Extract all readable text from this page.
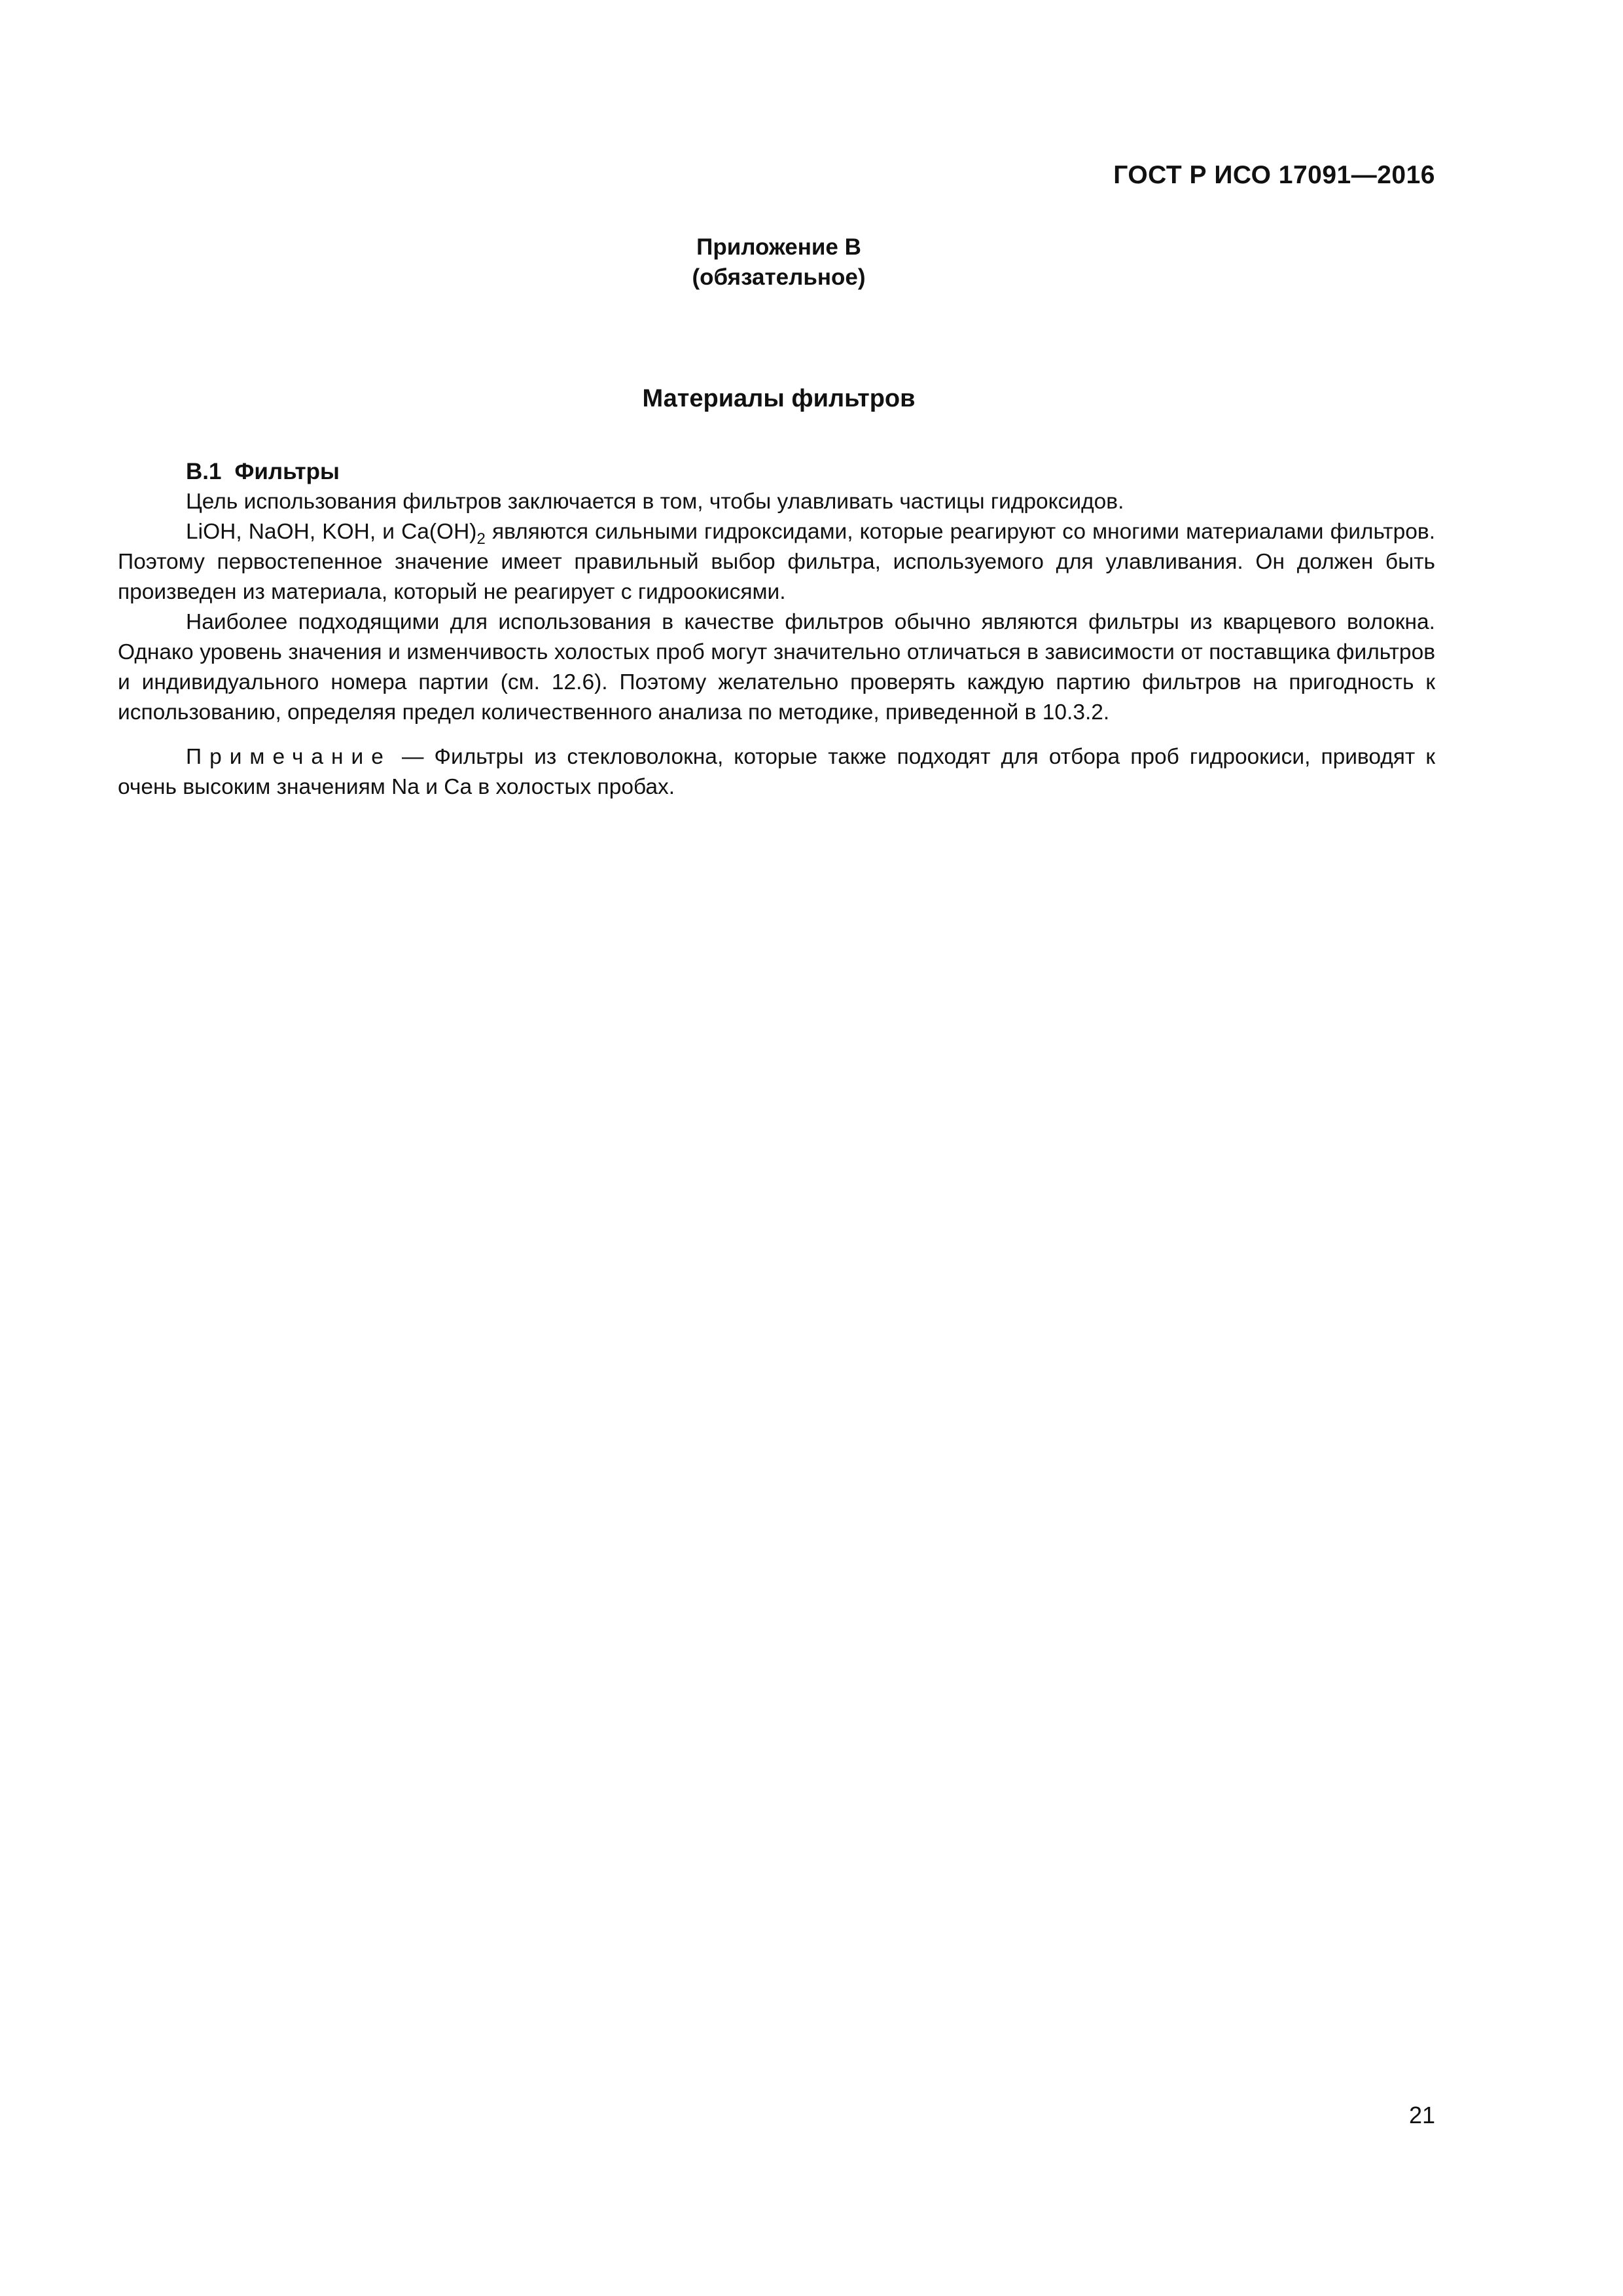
ГОСТ Р ИСО 17091—2016
Приложение В
(обязательное)
Материалы фильтров
В.1 Фильтры

Цель использования фильтров заключается в том, чтобы улавливать частицы гидроксидов.

LiOH, NaOH, KOH, и $Ca(OH)_2$ являются сильными гидроксидами, которые реагируют со многими материалами фильтров. Поэтому первостепенное значение имеет правильный выбор фильтра, используемого для улавливания. Он должен быть произведен из материала, который не реагирует с гидроокисями.

Наиболее подходящими для использования в качестве фильтров обычно являются фильтры из кварцевого волокна. Однако уровень значения и изменчивость холостых проб могут значительно отличаться в зависимости от поставщика фильтров и индивидуального номера партии (см. 12.6). Поэтому желательно проверять каждую партию фильтров на пригодность к использованию, определяя предел количественного анализа по методике, приведенной в 10.3.2.

Примечание — Фильтры из стекловолокна, которые также подходят для отбора проб гидроокиси, приводят к очень высоким значениям Na и Ca в холостых пробах.

21
